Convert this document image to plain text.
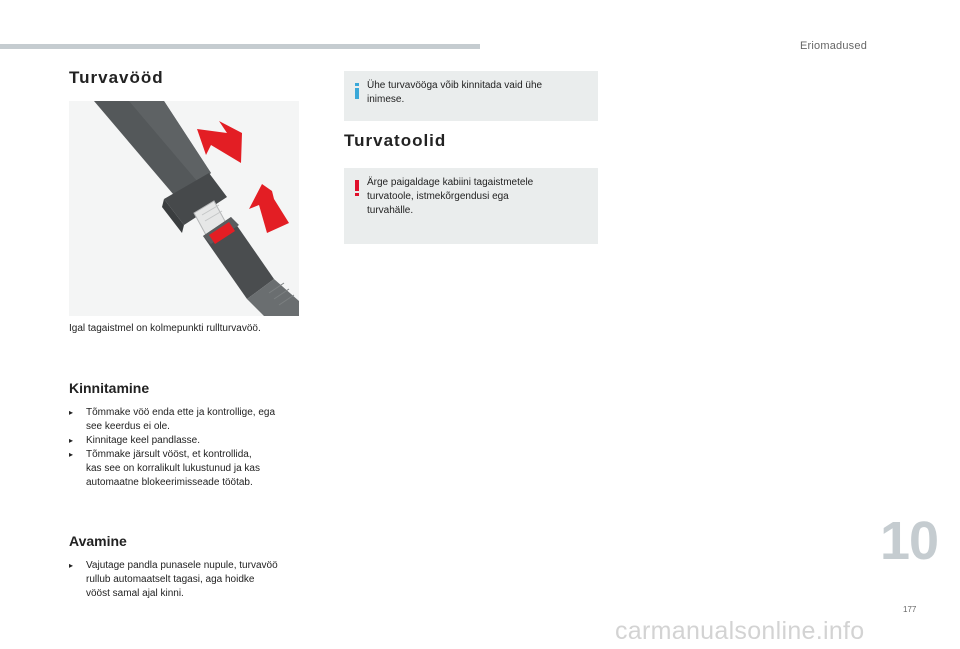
Eriomadused
Turvavööd
Igal tagaistmel on kolmepunkti rullturvavöö.
Kinnitamine
▸ Tõmmake vöö enda ette ja kontrollige, ega
see keerdus ei ole.
▸ Kinnitage keel pandlasse.
▸ Tõmmake järsult vööst, et kontrollida,
kas see on korralikult lukustunud ja kas
automaatne blokeerimisseade töötab.
Avamine
▸ Vajutage pandla punasele nupule, turvavöö
rullub automaatselt tagasi, aga hoidke
vööst samal ajal kinni.
Ühe turvavööga võib kinnitada vaid ühe
inimese.
Turvatoolid
Ärge paigaldage kabiini tagaistmetele
turvatoole, istmekõrgendusi ega
turvahälle.
10
177
carmanualsonline.info
